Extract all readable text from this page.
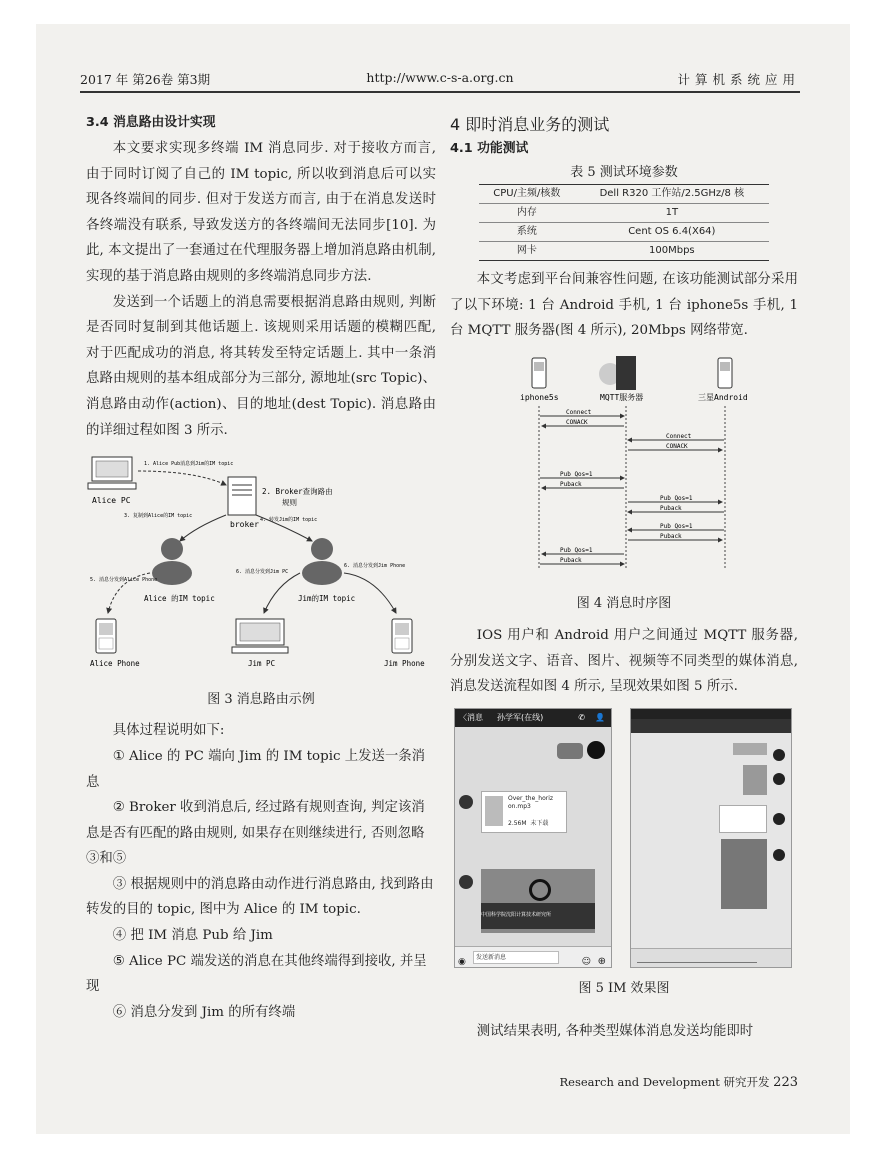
2017 年 第26卷 第3期	http://www.c-s-a.org.cn	计算机系统应用
3.4 消息路由设计实现

本文要求实现多终端 IM 消息同步. 对于接收方而言, 由于同时订阅了自己的 IM topic, 所以收到消息后可以实现各终端间的同步. 但对于发送方而言, 由于在消息发送时各终端没有联系, 导致发送方的各终端间无法同步[10]. 为此, 本文提出了一套通过在代理服务器上增加消息路由机制, 实现的基于消息路由规则的多终端消息同步方法.

发送到一个话题上的消息需要根据消息路由规则, 判断是否同时复制到其他话题上. 该规则采用话题的模糊匹配, 对于匹配成功的消息, 将其转发至特定话题上. 其中一条消息路由规则的基本组成部分为三部分, 源地址(src Topic)、消息路由动作(action)、目的地址(dest Topic). 消息路由的详细过程如图 3 所示.

Alice PC
broker
2. Broker查询路由
规则
1. Alice Pub消息到Jim的IM topic
3. 复制到Alice的IM topic
4. 转发Jim的IM topic
Alice 的IM topic	Jim的IM topic
5. 消息分发到Alice Phone
6. 消息分发到Jim PC
6. 消息分发到Jim Phone
Alice Phone	Jim PC	Jim Phone
图 3 消息路由示例

具体过程说明如下:

① Alice 的 PC 端向 Jim 的 IM topic 上发送一条消息
② Broker 收到消息后, 经过路有规则查询, 判定该消息是否有匹配的路由规则, 如果存在则继续进行, 否则忽略③和⑤
③ 根据规则中的消息路由动作进行消息路由, 找到路由转发的目的 topic, 图中为 Alice 的 IM topic.
④ 把 IM 消息 Pub 给 Jim
⑤ Alice PC 端发送的消息在其他终端得到接收, 并呈现
⑥ 消息分发到 Jim 的所有终端
4 即时消息业务的测试
4.1 功能测试
表 5 测试环境参数
CPU/主频/核数	Dell R320 工作站/2.5GHz/8 核
内存	1T
系统	Cent OS 6.4(X64)
网卡	100Mbps

本文考虑到平台间兼容性问题, 在该功能测试部分采用了以下环境: 1 台 Android 手机, 1 台 iphone5s 手机, 1 台 MQTT 服务器(图 4 所示), 20Mbps 网络带宽.

iphone5s	MQTT服务器	三星Android
Connect
CONACK
Connect
CONACK
Pub Qos=1
Puback
Pub Qos=1
Puback
Pub Qos=1
Puback
Pub Qos=1
Puback
图 4 消息时序图

IOS 用户和 Android 用户之间通过 MQTT 服务器, 分别发送文字、语音、图片、视频等不同类型的媒体消息, 消息发送流程如图 4 所示, 呈现效果如图 5 所示.

〈消息 孙学军(在线)	✆ 👤
Over_the_horiz on.mp3
2.56M 未下载
中国科学院沈阳计算技术研究所
◉	发送新消息	☺ ⊕
图 5 IM 效果图

测试结果表明, 各种类型媒体消息发送均能即时

Research and Development 研究开发 223
